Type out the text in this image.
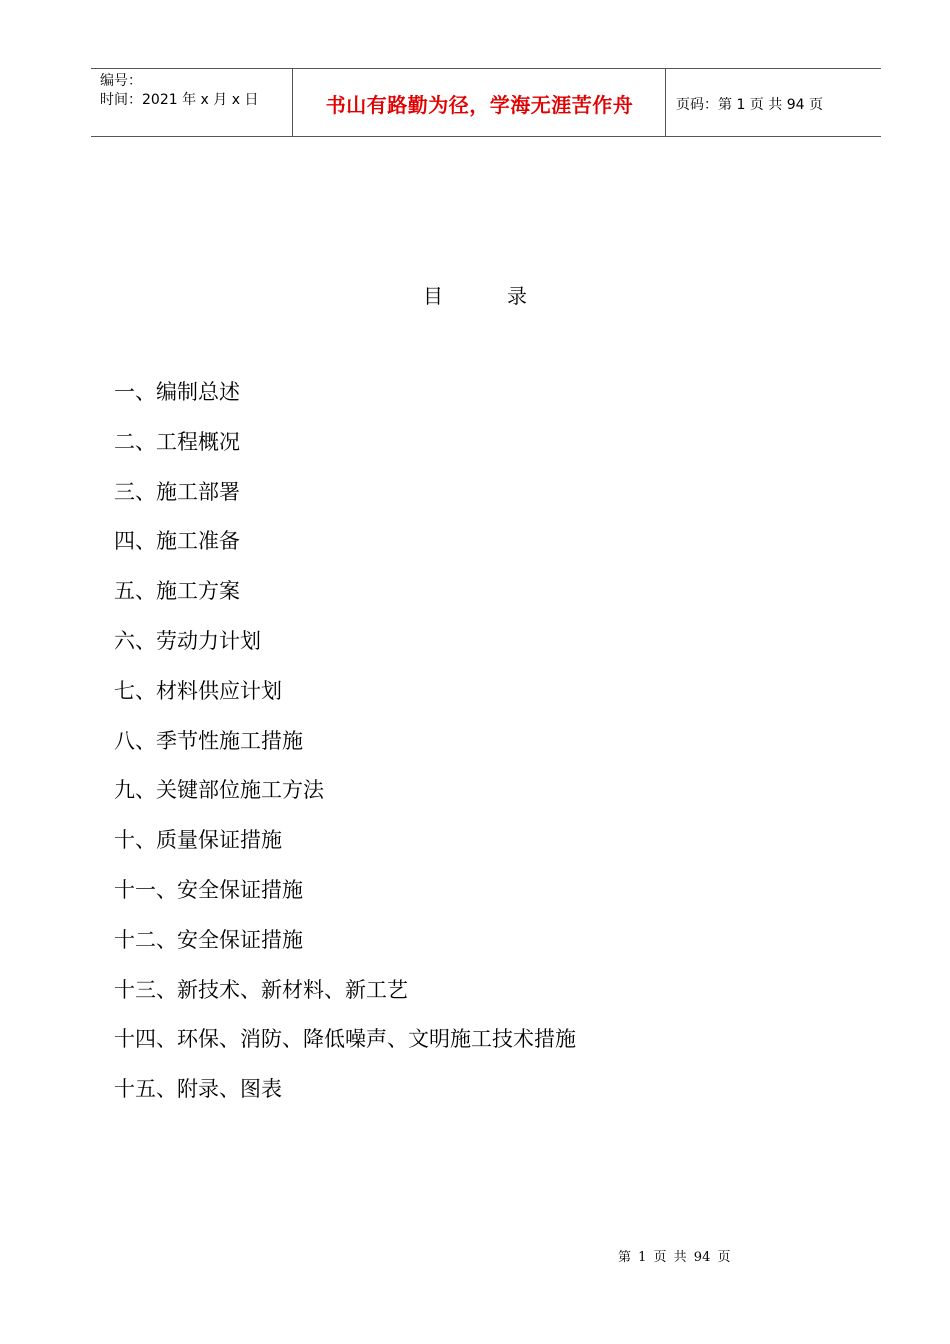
编号：
时间：2021 年 x 月 x 日	书山有路勤为径，学海无涯苦作舟	页码：第 1 页 共 94 页
目	录
一、编制总述
二、工程概况
三、施工部署
四、施工准备
五、施工方案
六、劳动力计划
七、材料供应计划
八、季节性施工措施
九、关键部位施工方法
十、质量保证措施
十一、安全保证措施
十二、安全保证措施
十三、新技术、新材料、新工艺
十四、环保、消防、降低噪声、文明施工技术措施
十五、附录、图表
第 1 页 共 94 页
